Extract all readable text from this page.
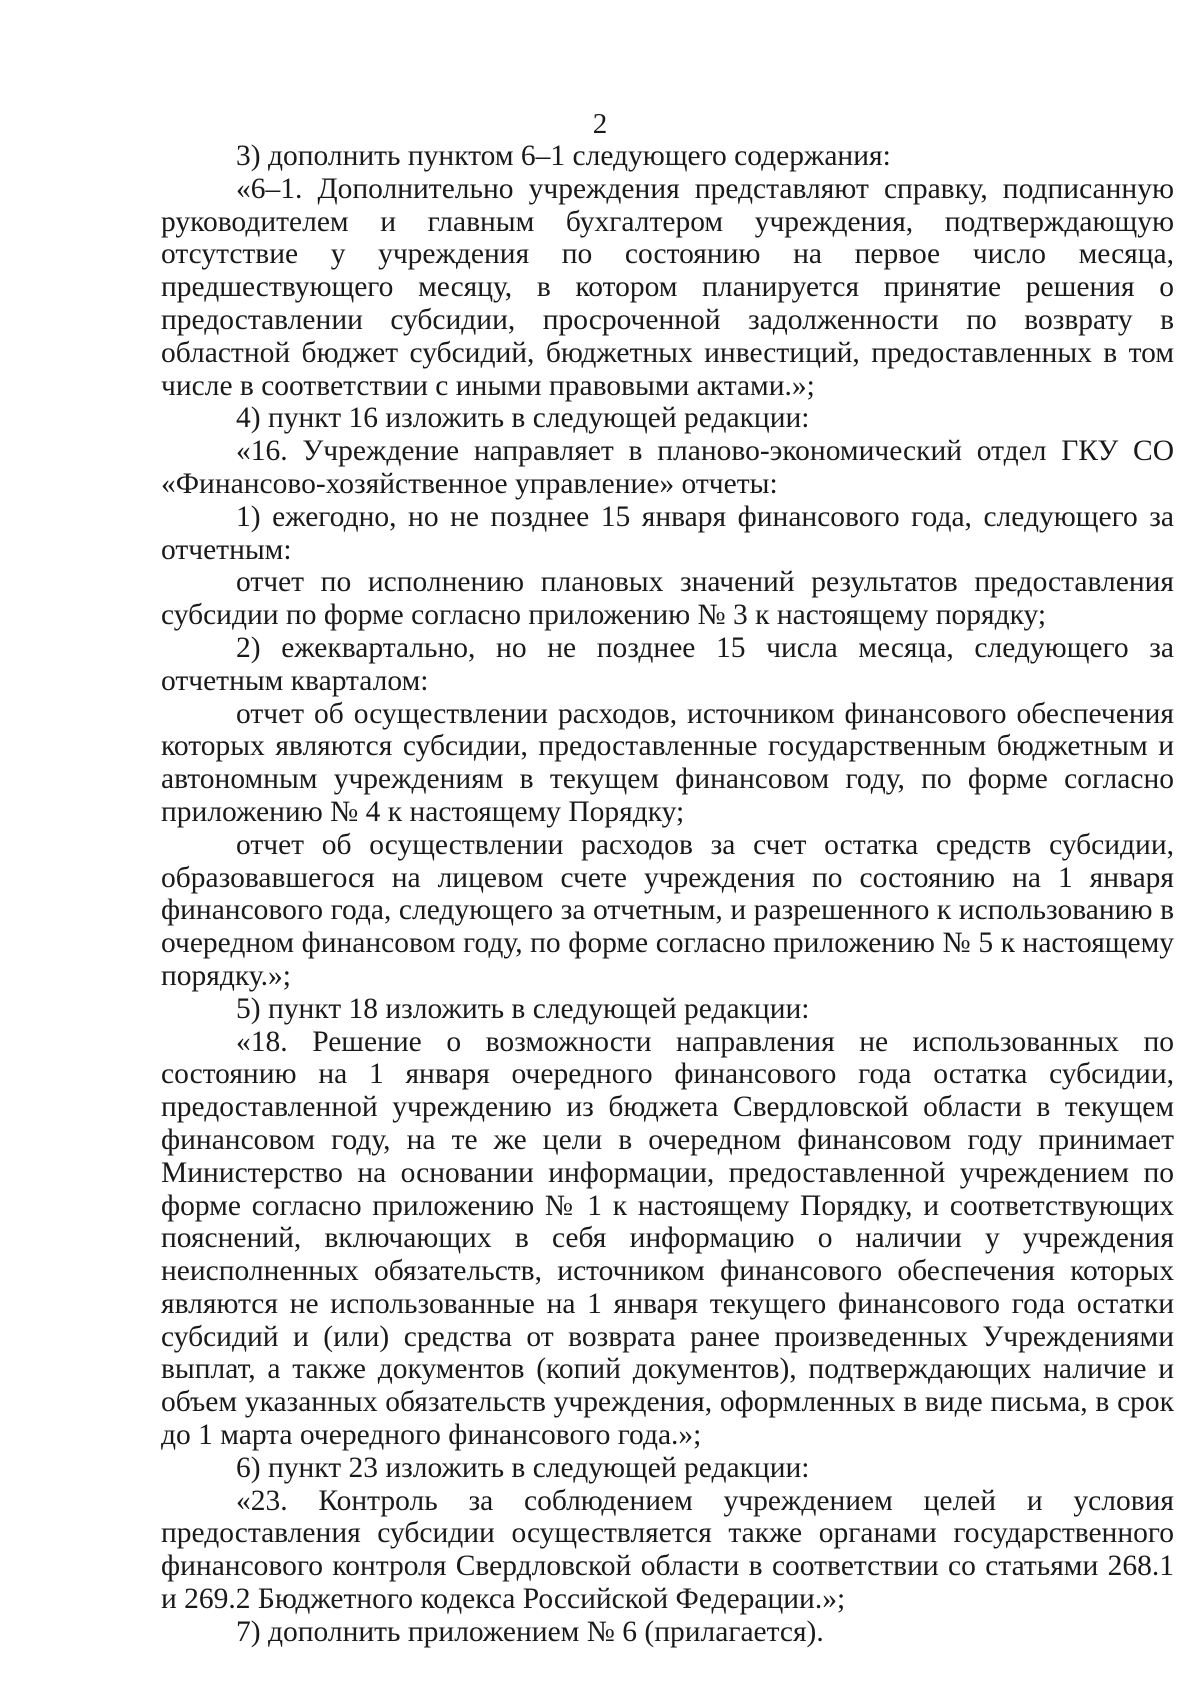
2

3) дополнить пунктом 6–1 следующего содержания:

«6–1. Дополнительно учреждения представляют справку, подписанную руководителем и главным бухгалтером учреждения, подтверждающую отсутствие у учреждения по состоянию на первое число месяца, предшествующего месяцу, в котором планируется принятие решения о предоставлении субсидии, просроченной задолженности по возврату в областной бюджет субсидий, бюджетных инвестиций, предоставленных в том числе в соответствии с иными правовыми актами.»;

4) пункт 16 изложить в следующей редакции:

«16. Учреждение направляет в планово-экономический отдел ГКУ СО «Финансово-хозяйственное управление» отчеты:

1) ежегодно, но не позднее 15 января финансового года, следующего за отчетным:

отчет по исполнению плановых значений результатов предоставления субсидии по форме согласно приложению № 3 к настоящему порядку;

2) ежеквартально, но не позднее 15 числа месяца, следующего за отчетным кварталом:

отчет об осуществлении расходов, источником финансового обеспечения которых являются субсидии, предоставленные государственным бюджетным и автономным учреждениям в текущем финансовом году, по форме согласно приложению № 4 к настоящему Порядку;

отчет об осуществлении расходов за счет остатка средств субсидии, образовавшегося на лицевом счете учреждения по состоянию на 1 января финансового года, следующего за отчетным, и разрешенного к использованию в очередном финансовом году, по форме согласно приложению № 5 к настоящему порядку.»;

5) пункт 18 изложить в следующей редакции:

«18. Решение о возможности направления не использованных по состоянию на 1 января очередного финансового года остатка субсидии, предоставленной учреждению из бюджета Свердловской области в текущем финансовом году, на те же цели в очередном финансовом году принимает Министерство на основании информации, предоставленной учреждением по форме согласно приложению № 1 к настоящему Порядку, и соответствующих пояснений, включающих в себя информацию о наличии у учреждения неисполненных обязательств, источником финансового обеспечения которых являются не использованные на 1 января текущего финансового года остатки субсидий и (или) средства от возврата ранее произведенных Учреждениями выплат, а также документов (копий документов), подтверждающих наличие и объем указанных обязательств учреждения, оформленных в виде письма, в срок до 1 марта очередного финансового года.»;

6) пункт 23 изложить в следующей редакции:

«23. Контроль за соблюдением учреждением целей и условия предоставления субсидии осуществляется также органами государственного финансового контроля Свердловской области в соответствии со статьями 268.1 и 269.2 Бюджетного кодекса Российской Федерации.»;

7) дополнить приложением № 6 (прилагается).
